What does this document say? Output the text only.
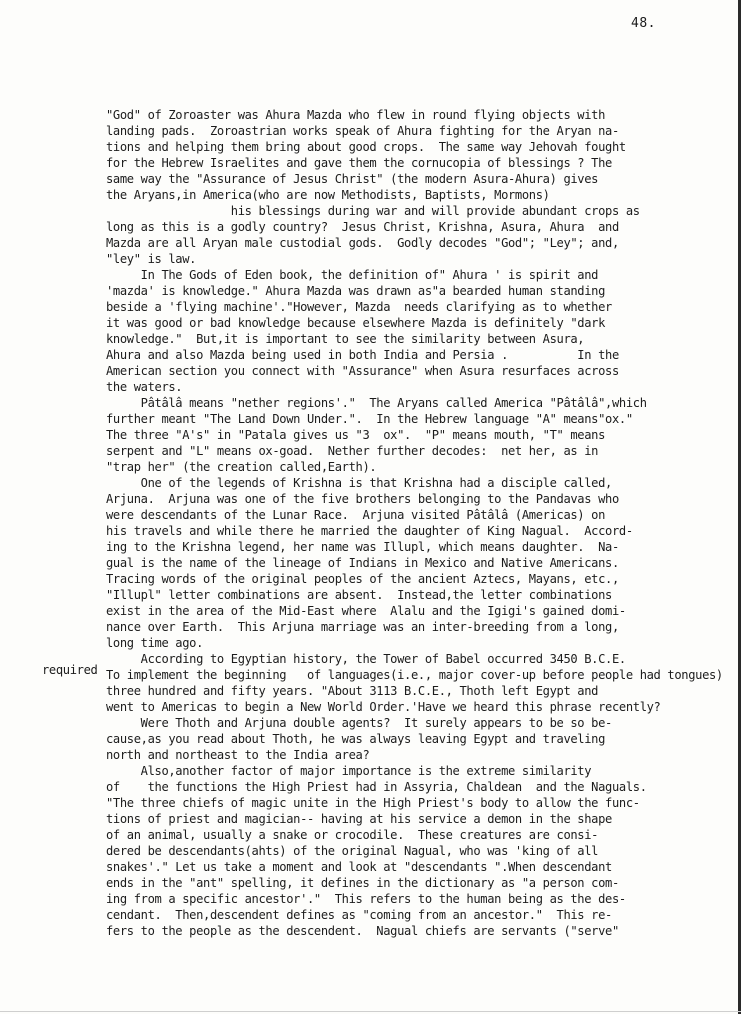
48.
required
"God" of Zoroaster was Ahura Mazda who flew in round flying objects with
landing pads.  Zoroastrian works speak of Ahura fighting for the Aryan na-
tions and helping them bring about good crops.  The same way Jehovah fought
for the Hebrew Israelites and gave them the cornucopia of blessings ? The
same way the "Assurance of Jesus Christ" (the modern Asura-Ahura) gives
the Aryans,in America(who are now Methodists, Baptists, Mormons)
his blessings during war and will provide abundant crops as
long as this is a godly country?  Jesus Christ, Krishna, Asura, Ahura  and
Mazda are all Aryan male custodial gods.  Godly decodes "God"; "Ley"; and,
"ley" is law.
In The Gods of Eden book, the definition of" Ahura ' is spirit and
'mazda' is knowledge." Ahura Mazda was drawn as"a bearded human standing
beside a 'flying machine'."However, Mazda  needs clarifying as to whether
it was good or bad knowledge because elsewhere Mazda is definitely "dark
knowledge."  But,it is important to see the similarity between Asura,
Ahura and also Mazda being used in both India and Persia .          In the
American section you connect with "Assurance" when Asura resurfaces across
the waters.
Pâtâlâ means "nether regions'."  The Aryans called America "Pâtâlâ",which
further meant "The Land Down Under.".  In the Hebrew language "A" means"ox."
The three "A's" in "Patala gives us "3  ox".  "P" means mouth, "T" means
serpent and "L" means ox-goad.  Nether further decodes:  net her, as in
"trap her" (the creation called,Earth).
One of the legends of Krishna is that Krishna had a disciple called,
Arjuna.  Arjuna was one of the five brothers belonging to the Pandavas who
were descendants of the Lunar Race.  Arjuna visited Pâtâlâ (Americas) on
his travels and while there he married the daughter of King Nagual.  Accord-
ing to the Krishna legend, her name was Illupl, which means daughter.  Na-
gual is the name of the lineage of Indians in Mexico and Native Americans.
Tracing words of the original peoples of the ancient Aztecs, Mayans, etc.,
"Illupl" letter combinations are absent.  Instead,the letter combinations
exist in the area of the Mid-East where  Alalu and the Igigi's gained domi-
nance over Earth.  This Arjuna marriage was an inter-breeding from a long,
long time ago.
According to Egyptian history, the Tower of Babel occurred 3450 B.C.E.
To implement the beginning   of languages(i.e., major cover-up before people had tongues)
three hundred and fifty years. "About 3113 B.C.E., Thoth left Egypt and
went to Americas to begin a New World Order.'Have we heard this phrase recently?
Were Thoth and Arjuna double agents?  It surely appears to be so be-
cause,as you read about Thoth, he was always leaving Egypt and traveling
north and northeast to the India area?
Also,another factor of major importance is the extreme similarity
of    the functions the High Priest had in Assyria, Chaldean  and the Naguals.
"The three chiefs of magic unite in the High Priest's body to allow the func-
tions of priest and magician-- having at his service a demon in the shape
of an animal, usually a snake or crocodile.  These creatures are consi-
dered be descendants(ahts) of the original Nagual, who was 'king of all
snakes'." Let us take a moment and look at "descendants ".When descendant
ends in the "ant" spelling, it defines in the dictionary as "a person com-
ing from a specific ancestor'."  This refers to the human being as the des-
cendant.  Then,descendent defines as "coming from an ancestor."  This re-
fers to the people as the descendent.  Nagual chiefs are servants ("serve"
